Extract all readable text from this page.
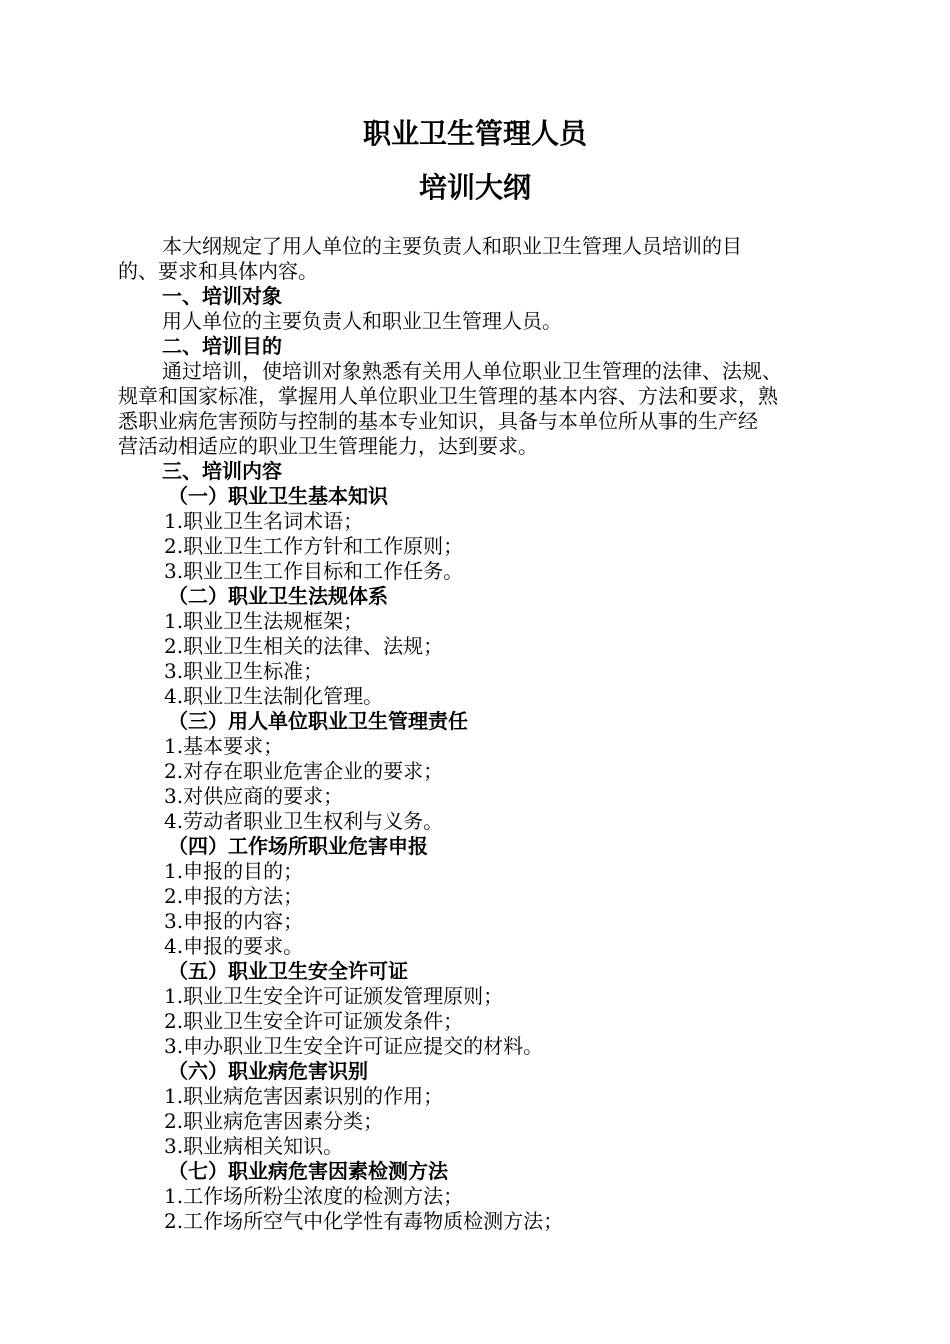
职业卫生管理人员
培训大纲
本大纲规定了用人单位的主要负责人和职业卫生管理人员培训的目
的、要求和具体内容。
一、培训对象
用人单位的主要负责人和职业卫生管理人员。
二、培训目的
通过培训，使培训对象熟悉有关用人单位职业卫生管理的法律、法规、
规章和国家标准，掌握用人单位职业卫生管理的基本内容、方法和要求，熟
悉职业病危害预防与控制的基本专业知识，具备与本单位所从事的生产经
营活动相适应的职业卫生管理能力，达到要求。
三、培训内容
（一）职业卫生基本知识
1.职业卫生名词术语；
2.职业卫生工作方针和工作原则；
3.职业卫生工作目标和工作任务。
（二）职业卫生法规体系
1.职业卫生法规框架；
2.职业卫生相关的法律、法规；
3.职业卫生标准；
4.职业卫生法制化管理。
（三）用人单位职业卫生管理责任
1.基本要求；
2.对存在职业危害企业的要求；
3.对供应商的要求；
4.劳动者职业卫生权利与义务。
（四）工作场所职业危害申报
1.申报的目的；
2.申报的方法；
3.申报的内容；
4.申报的要求。
（五）职业卫生安全许可证
1.职业卫生安全许可证颁发管理原则；
2.职业卫生安全许可证颁发条件；
3.申办职业卫生安全许可证应提交的材料。
（六）职业病危害识别
1.职业病危害因素识别的作用；
2.职业病危害因素分类；
3.职业病相关知识。
（七）职业病危害因素检测方法
1.工作场所粉尘浓度的检测方法；
2.工作场所空气中化学性有毒物质检测方法；
